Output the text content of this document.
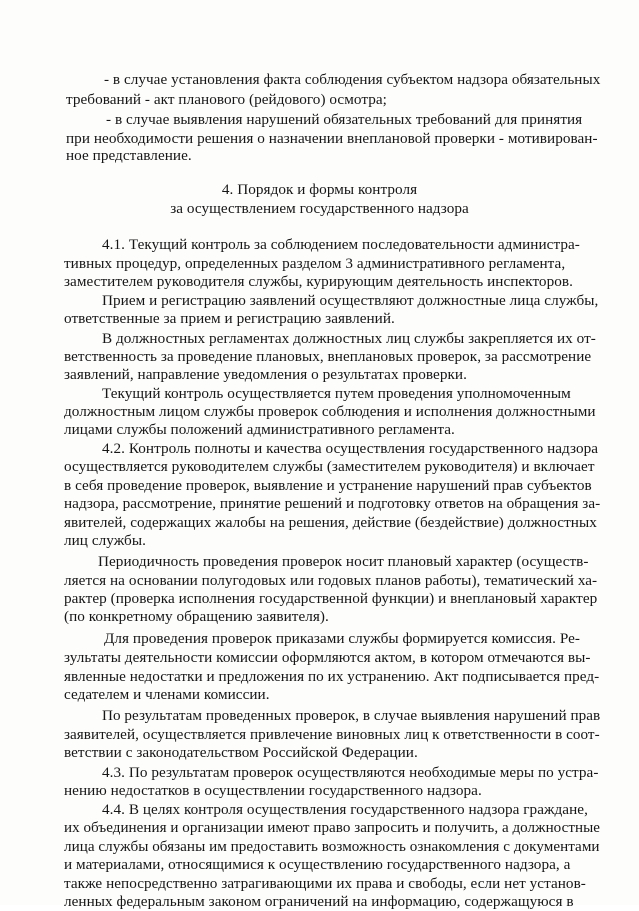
- в случае установления факта соблюдения субъектом надзора обязательных
требований - акт планового (рейдового) осмотра;
- в случае выявления нарушений обязательных требований для принятия
при необходимости решения о назначении внеплановой проверки - мотивирован-
ное представление.
4. Порядок и формы контроля
за осуществлением государственного надзора
4.1. Текущий контроль за соблюдением последовательности администра-
тивных процедур, определенных разделом 3 административного регламента,
заместителем руководителя службы, курирующим деятельность инспекторов.
Прием и регистрацию заявлений осуществляют должностные лица службы,
ответственные за прием и регистрацию заявлений.
В должностных регламентах должностных лиц службы закрепляется их от-
ветственность за проведение плановых, внеплановых проверок, за рассмотрение
заявлений, направление уведомления о результатах проверки.
Текущий контроль осуществляется путем проведения уполномоченным
должностным лицом службы проверок соблюдения и исполнения должностными
лицами службы положений административного регламента.
4.2. Контроль полноты и качества осуществления государственного надзора
осуществляется руководителем службы (заместителем руководителя) и включает
в себя проведение проверок, выявление и устранение нарушений прав субъектов
надзора, рассмотрение, принятие решений и подготовку ответов на обращения за-
явителей, содержащих жалобы на решения, действие (бездействие) должностных
лиц службы.
Периодичность проведения проверок носит плановый характер (осуществ-
ляется на основании полугодовых или годовых планов работы), тематический ха-
рактер (проверка исполнения государственной функции) и внеплановый характер
(по конкретному обращению заявителя).
Для проведения проверок приказами службы формируется комиссия. Ре-
зультаты деятельности комиссии оформляются актом, в котором отмечаются вы-
явленные недостатки и предложения по их устранению. Акт подписывается пред-
седателем и членами комиссии.
По результатам проведенных проверок, в случае выявления нарушений прав
заявителей, осуществляется привлечение виновных лиц к ответственности в соот-
ветствии с законодательством Российской Федерации.
4.3. По результатам проверок осуществляются необходимые меры по устра-
нению недостатков в осуществлении государственного надзора.
4.4. В целях контроля осуществления государственного надзора граждане,
их объединения и организации имеют право запросить и получить, а должностные
лица службы обязаны им предоставить возможность ознакомления с документами
и материалами, относящимися к осуществлению государственного надзора, а
также непосредственно затрагивающими их права и свободы, если нет установ-
ленных федеральным законом ограничений на информацию, содержащуюся в
